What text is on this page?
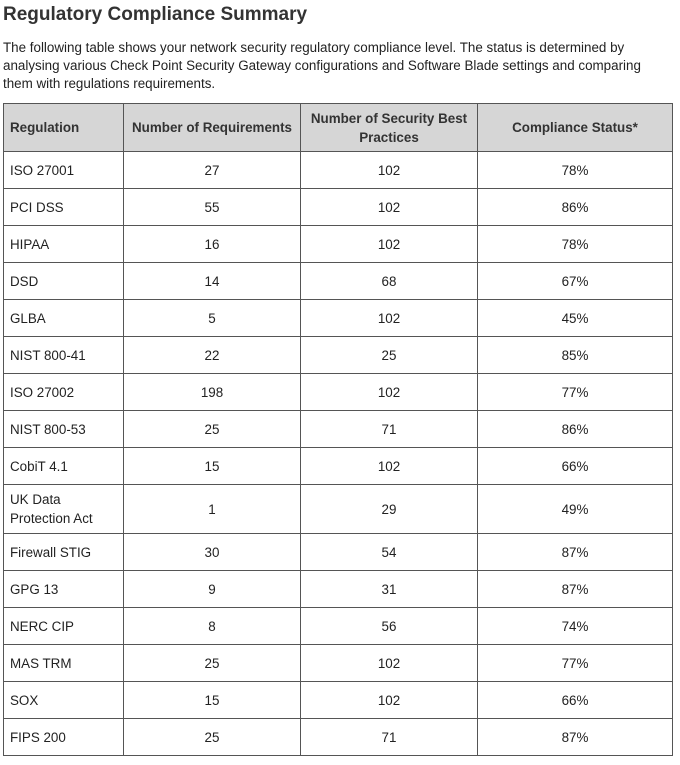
Regulatory Compliance Summary

The following table shows your network security regulatory compliance level. The status is determined by analysing various Check Point Security Gateway configurations and Software Blade settings and comparing them with regulations requirements.

Regulation	Number of Requirements	Number of Security Best Practices	Compliance Status*
ISO 27001	27	102	78%
PCI DSS	55	102	86%
HIPAA	16	102	78%
DSD	14	68	67%
GLBA	5	102	45%
NIST 800-41	22	25	85%
ISO 27002	198	102	77%
NIST 800-53	25	71	86%
CobiT 4.1	15	102	66%
UK Data Protection Act	1	29	49%
Firewall STIG	30	54	87%
GPG 13	9	31	87%
NERC CIP	8	56	74%
MAS TRM	25	102	77%
SOX	15	102	66%
FIPS 200	25	71	87%
